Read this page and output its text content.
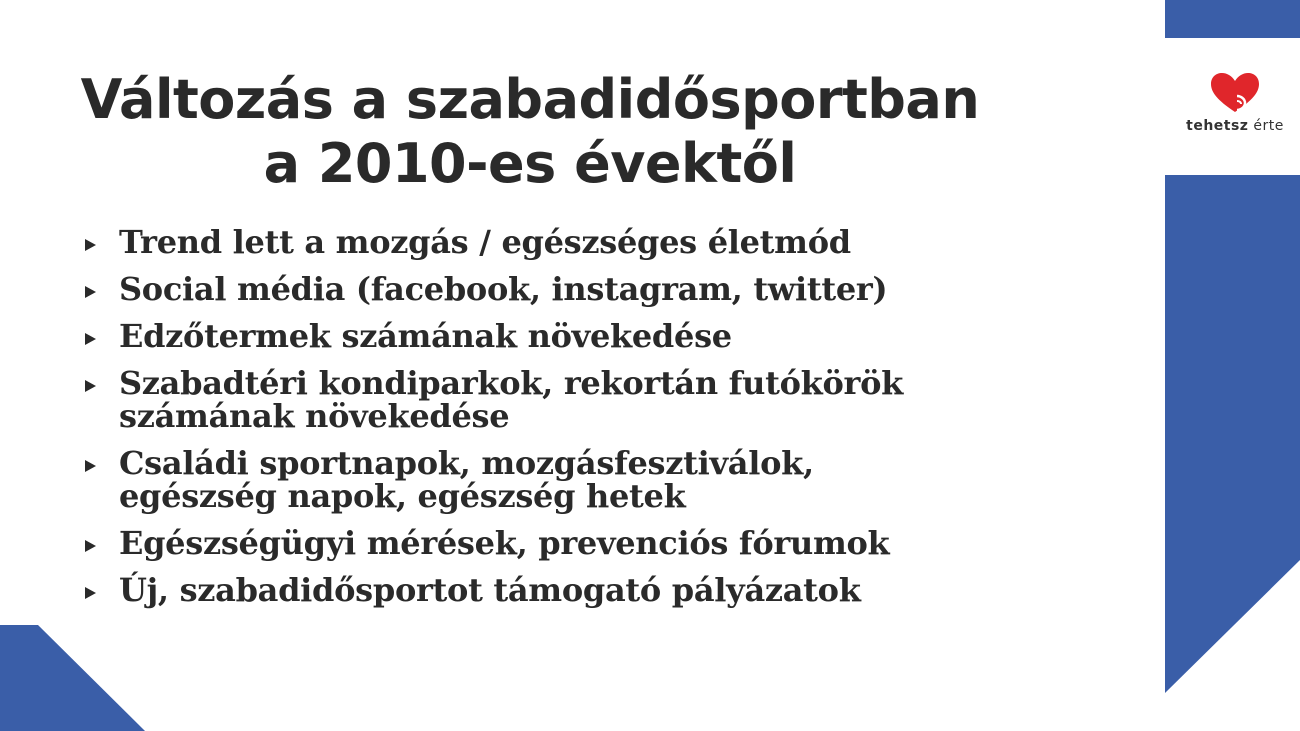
tehetsz érte
Változás a szabadidősportban
a 2010-es évektől
Trend lett a mozgás / egészséges életmód
Social média (facebook, instagram, twitter)
Edzőtermek számának növekedése
Szabadtéri kondiparkok, rekortán futókörök
számának növekedése
Családi sportnapok, mozgásfesztiválok,
egészség napok, egészség hetek
Egészségügyi mérések, prevenciós fórumok
Új, szabadidősportot támogató pályázatok
